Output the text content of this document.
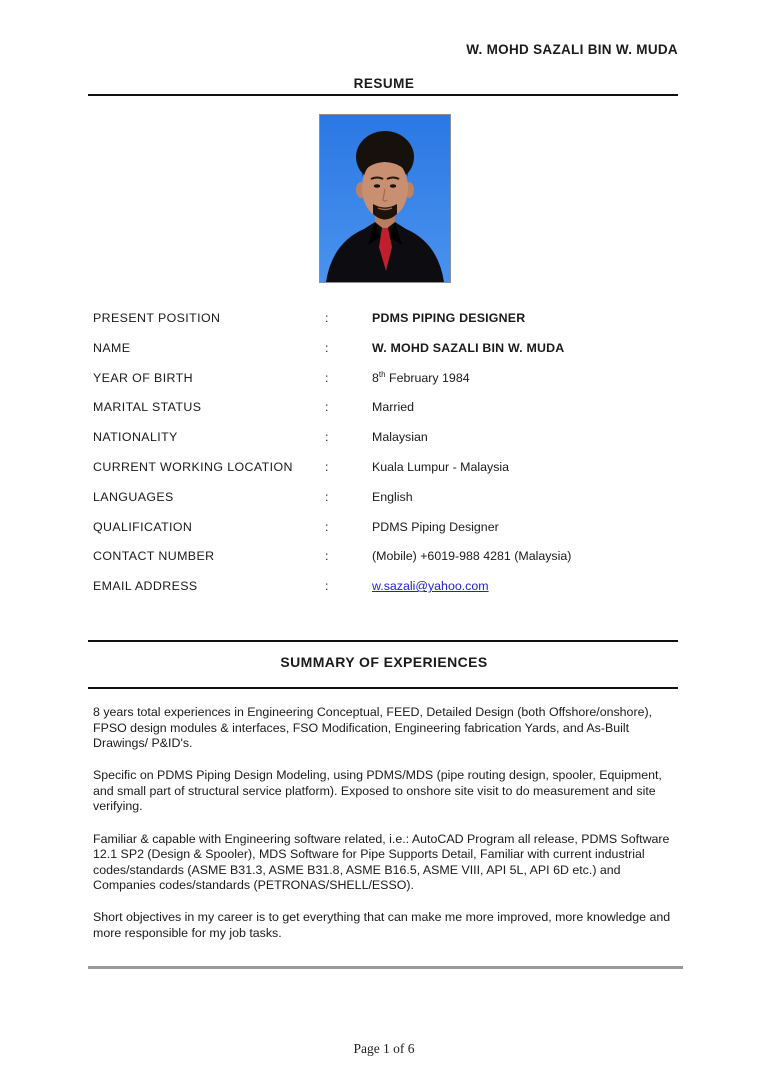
W. MOHD SAZALI BIN W. MUDA
RESUME
PRESENT POSITION	:	PDMS PIPING DESIGNER
NAME	:	W. MOHD SAZALI BIN W. MUDA
YEAR OF BIRTH	:	8th February 1984
MARITAL STATUS	:	Married
NATIONALITY	:	Malaysian
CURRENT WORKING LOCATION	:	Kuala Lumpur - Malaysia
LANGUAGES	:	English
QUALIFICATION	:	PDMS Piping Designer
CONTACT NUMBER	:	(Mobile) +6019-988 4281 (Malaysia)
EMAIL ADDRESS	:	w.sazali@yahoo.com
SUMMARY OF EXPERIENCES

8 years total experiences in Engineering Conceptual, FEED, Detailed Design (both Offshore/onshore), FPSO design modules & interfaces, FSO Modification, Engineering fabrication Yards, and As-Built Drawings/ P&ID's.

Specific on PDMS Piping Design Modeling, using PDMS/MDS (pipe routing design, spooler, Equipment, and small part of structural service platform). Exposed to onshore site visit to do measurement and site verifying.

Familiar & capable with Engineering software related, i.e.: AutoCAD Program all release, PDMS Software 12.1 SP2 (Design & Spooler), MDS Software for Pipe Supports Detail, Familiar with current industrial codes/standards (ASME B31.3, ASME B31.8, ASME B16.5, ASME VIII, API 5L, API 6D etc.) and Companies codes/standards (PETRONAS/SHELL/ESSO).

Short objectives in my career is to get everything that can make me more improved, more knowledge and more responsible for my job tasks.

Page 1 of 6
